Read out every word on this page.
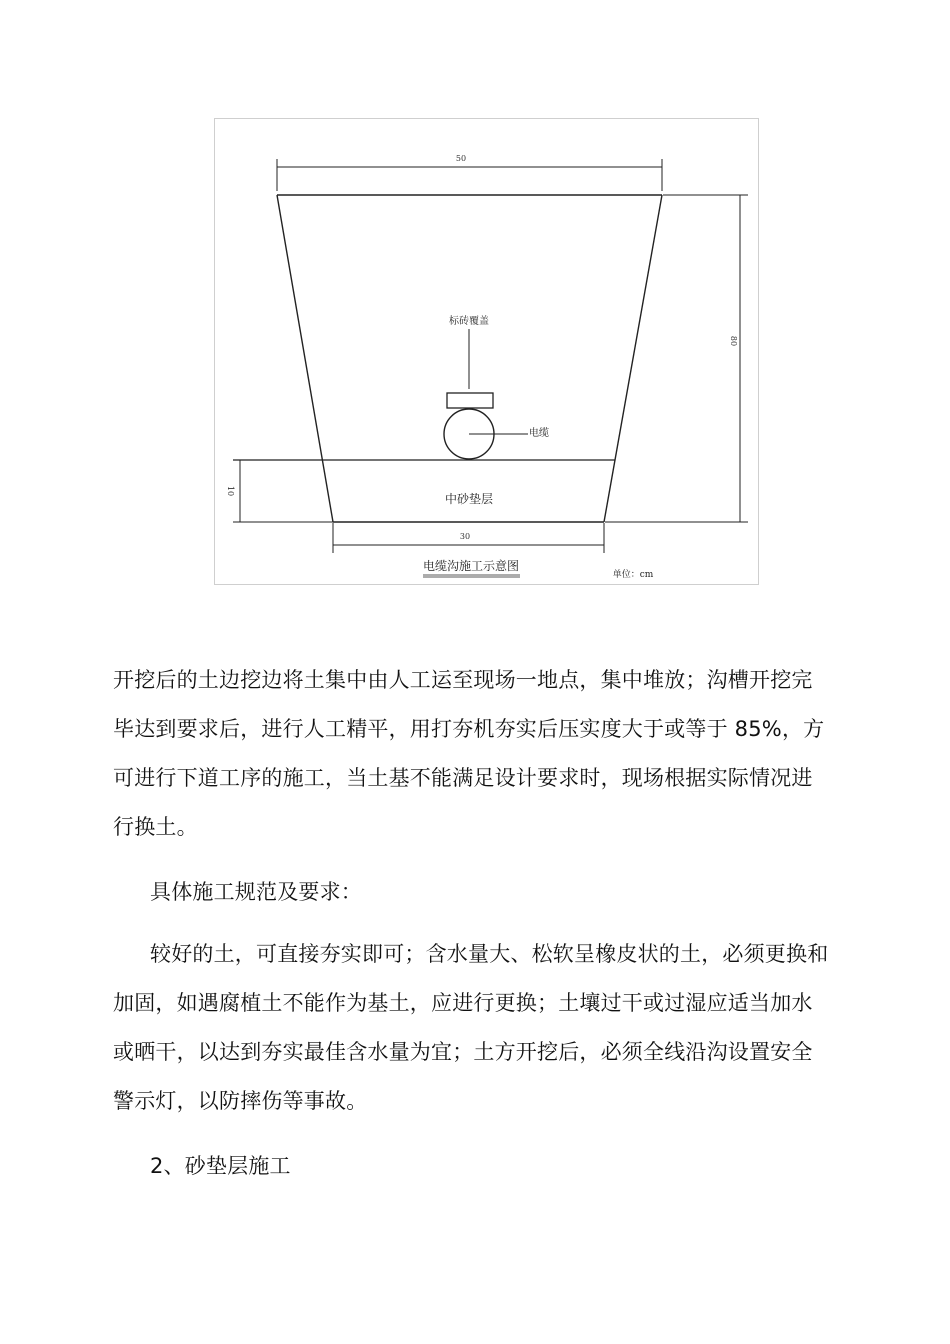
50
80
10
中砂垫层
标砖覆盖
电缆
30
电缆沟施工示意图
单位：cm
开挖后的土边挖边将土集中由人工运至现场一地点，集中堆放；沟槽开挖完
毕达到要求后，进行人工精平，用打夯机夯实后压实度大于或等于 85%，方
可进行下道工序的施工，当土基不能满足设计要求时，现场根据实际情况进
行换土。
具体施工规范及要求：
较好的土，可直接夯实即可；含水量大、松软呈橡皮状的土，必须更换和
加固，如遇腐植土不能作为基土，应进行更换；土壤过干或过湿应适当加水
或晒干，以达到夯实最佳含水量为宜；土方开挖后，必须全线沿沟设置安全
警示灯，以防摔伤等事故。
2、砂垫层施工
